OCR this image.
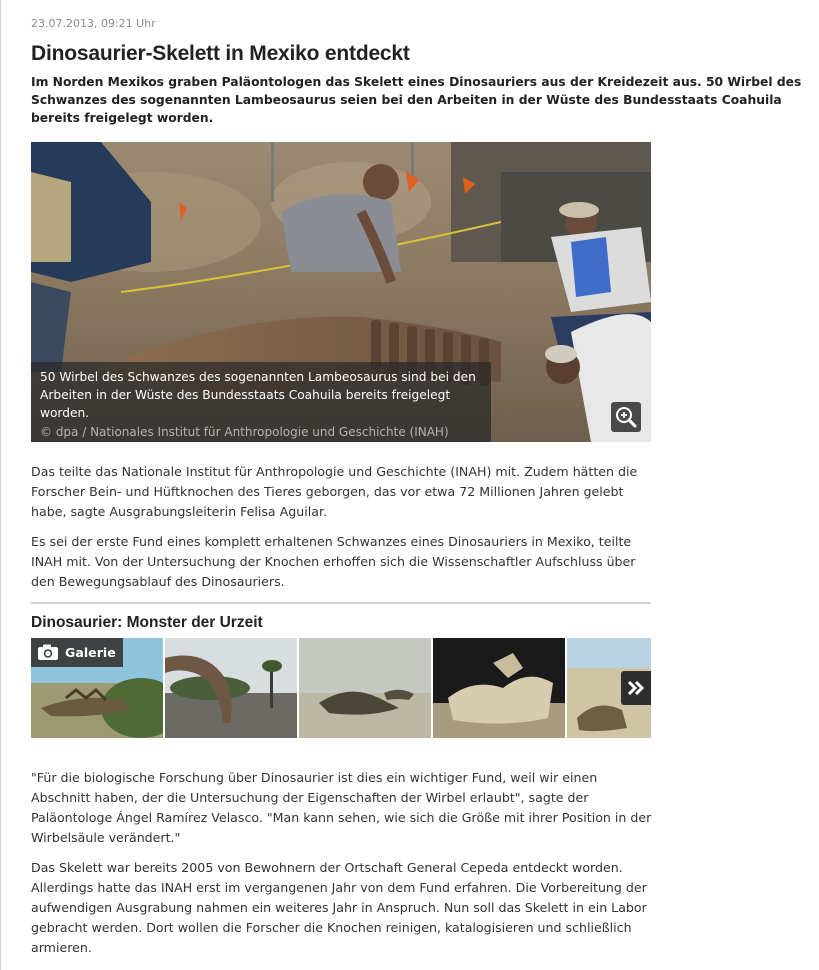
23.07.2013, 09:21 Uhr
Dinosaurier-Skelett in Mexiko entdeckt

Im Norden Mexikos graben Paläontologen das Skelett eines Dinosauriers aus der Kreidezeit aus. 50 Wirbel des Schwanzes des sogenannten Lambeosaurus seien bei den Arbeiten in der Wüste des Bundesstaats Coahuila bereits freigelegt worden.

50 Wirbel des Schwanzes des sogenannten Lambeosaurus sind bei den Arbeiten in der Wüste des Bundesstaats Coahuila bereits freigelegt worden.

© dpa / Nationales Institut für Anthropologie und Geschichte (INAH)

Das teilte das Nationale Institut für Anthropologie und Geschichte (INAH) mit. Zudem hätten die Forscher Bein- und Hüftknochen des Tieres geborgen, das vor etwa 72 Millionen Jahren gelebt habe, sagte Ausgrabungsleiterin Felisa Aguilar.

Es sei der erste Fund eines komplett erhaltenen Schwanzes eines Dinosauriers in Mexiko, teilte INAH mit. Von der Untersuchung der Knochen erhoffen sich die Wissenschaftler Aufschluss über den Bewegungsablauf des Dinosauriers.

Dinosaurier: Monster der Urzeit
Galerie

"Für die biologische Forschung über Dinosaurier ist dies ein wichtiger Fund, weil wir einen Abschnitt haben, der die Untersuchung der Eigenschaften der Wirbel erlaubt", sagte der Paläontologe Ángel Ramírez Velasco. "Man kann sehen, wie sich die Größe mit ihrer Position in der Wirbelsäule verändert."

Das Skelett war bereits 2005 von Bewohnern der Ortschaft General Cepeda entdeckt worden. Allerdings hatte das INAH erst im vergangenen Jahr von dem Fund erfahren. Die Vorbereitung der aufwendigen Ausgrabung nahmen ein weiteres Jahr in Anspruch. Nun soll das Skelett in ein Labor gebracht werden. Dort wollen die Forscher die Knochen reinigen, katalogisieren und schließlich armieren.
